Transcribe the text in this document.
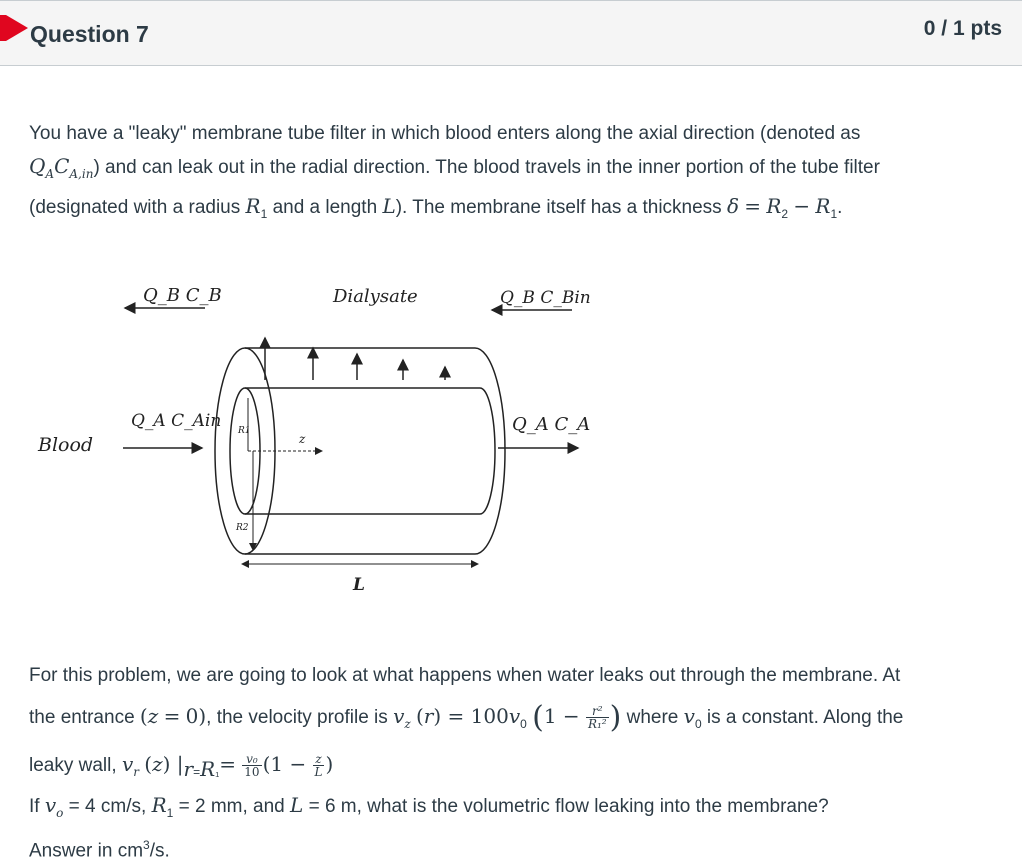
Question 7	0 / 1 pts
You have a "leaky" membrane tube filter in which blood enters along the axial direction (denoted as
$Q_AC_{A,in}$) and can leak out in the radial direction. The blood travels in the inner portion of the tube filter
(designated with a radius $R_1$ and a length L). The membrane itself has a thickness $\delta = R_2 - R_1$.
Q_B C_B	Dialysate	Q_B C_Bin
R1
R2
z
Q_A C_Ain
Blood
Q_A C_A
L
For this problem, we are going to look at what happens when water leaks out through the membrane. At
the entrance (z = 0), the velocity profile is $v_z$ $(r) = 100v_0$ ($1 - \frac{\text{r²}}{\text{R₁²}}$ ) where $v_0$ is a constant. Along the
leaky wall, $v_r$ (z) $|_{r=R_1}= \frac{\text{v₀}}{10} (1 - \frac{z}{L}$ )
If $v_o = 4$ cm/s, $R_1 = 2$ mm, and L = 6 m, what is the volumetric flow leaking into the membrane?
Answer in $cm^3/s$.
